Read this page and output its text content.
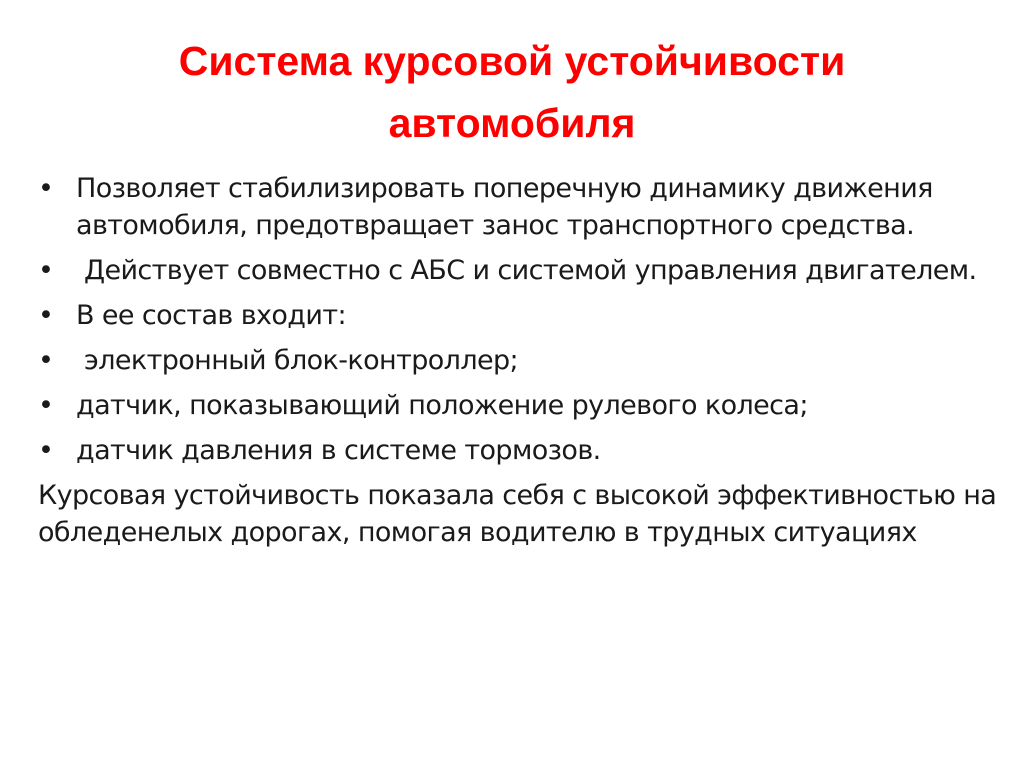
Система курсовой устойчивости
автомобиля
• Позволяет стабилизировать поперечную динамику движения автомобиля, предотвращает занос транспортного средства.
• Действует совместно с АБС и системой управления двигателем.
• В ее состав входит:
• электронный блок-контроллер;
• датчик, показывающий положение рулевого колеса;
• датчик давления в системе тормозов.

Курсовая устойчивость показала себя с высокой эффективностью на обледенелых дорогах, помогая водителю в трудных ситуациях
